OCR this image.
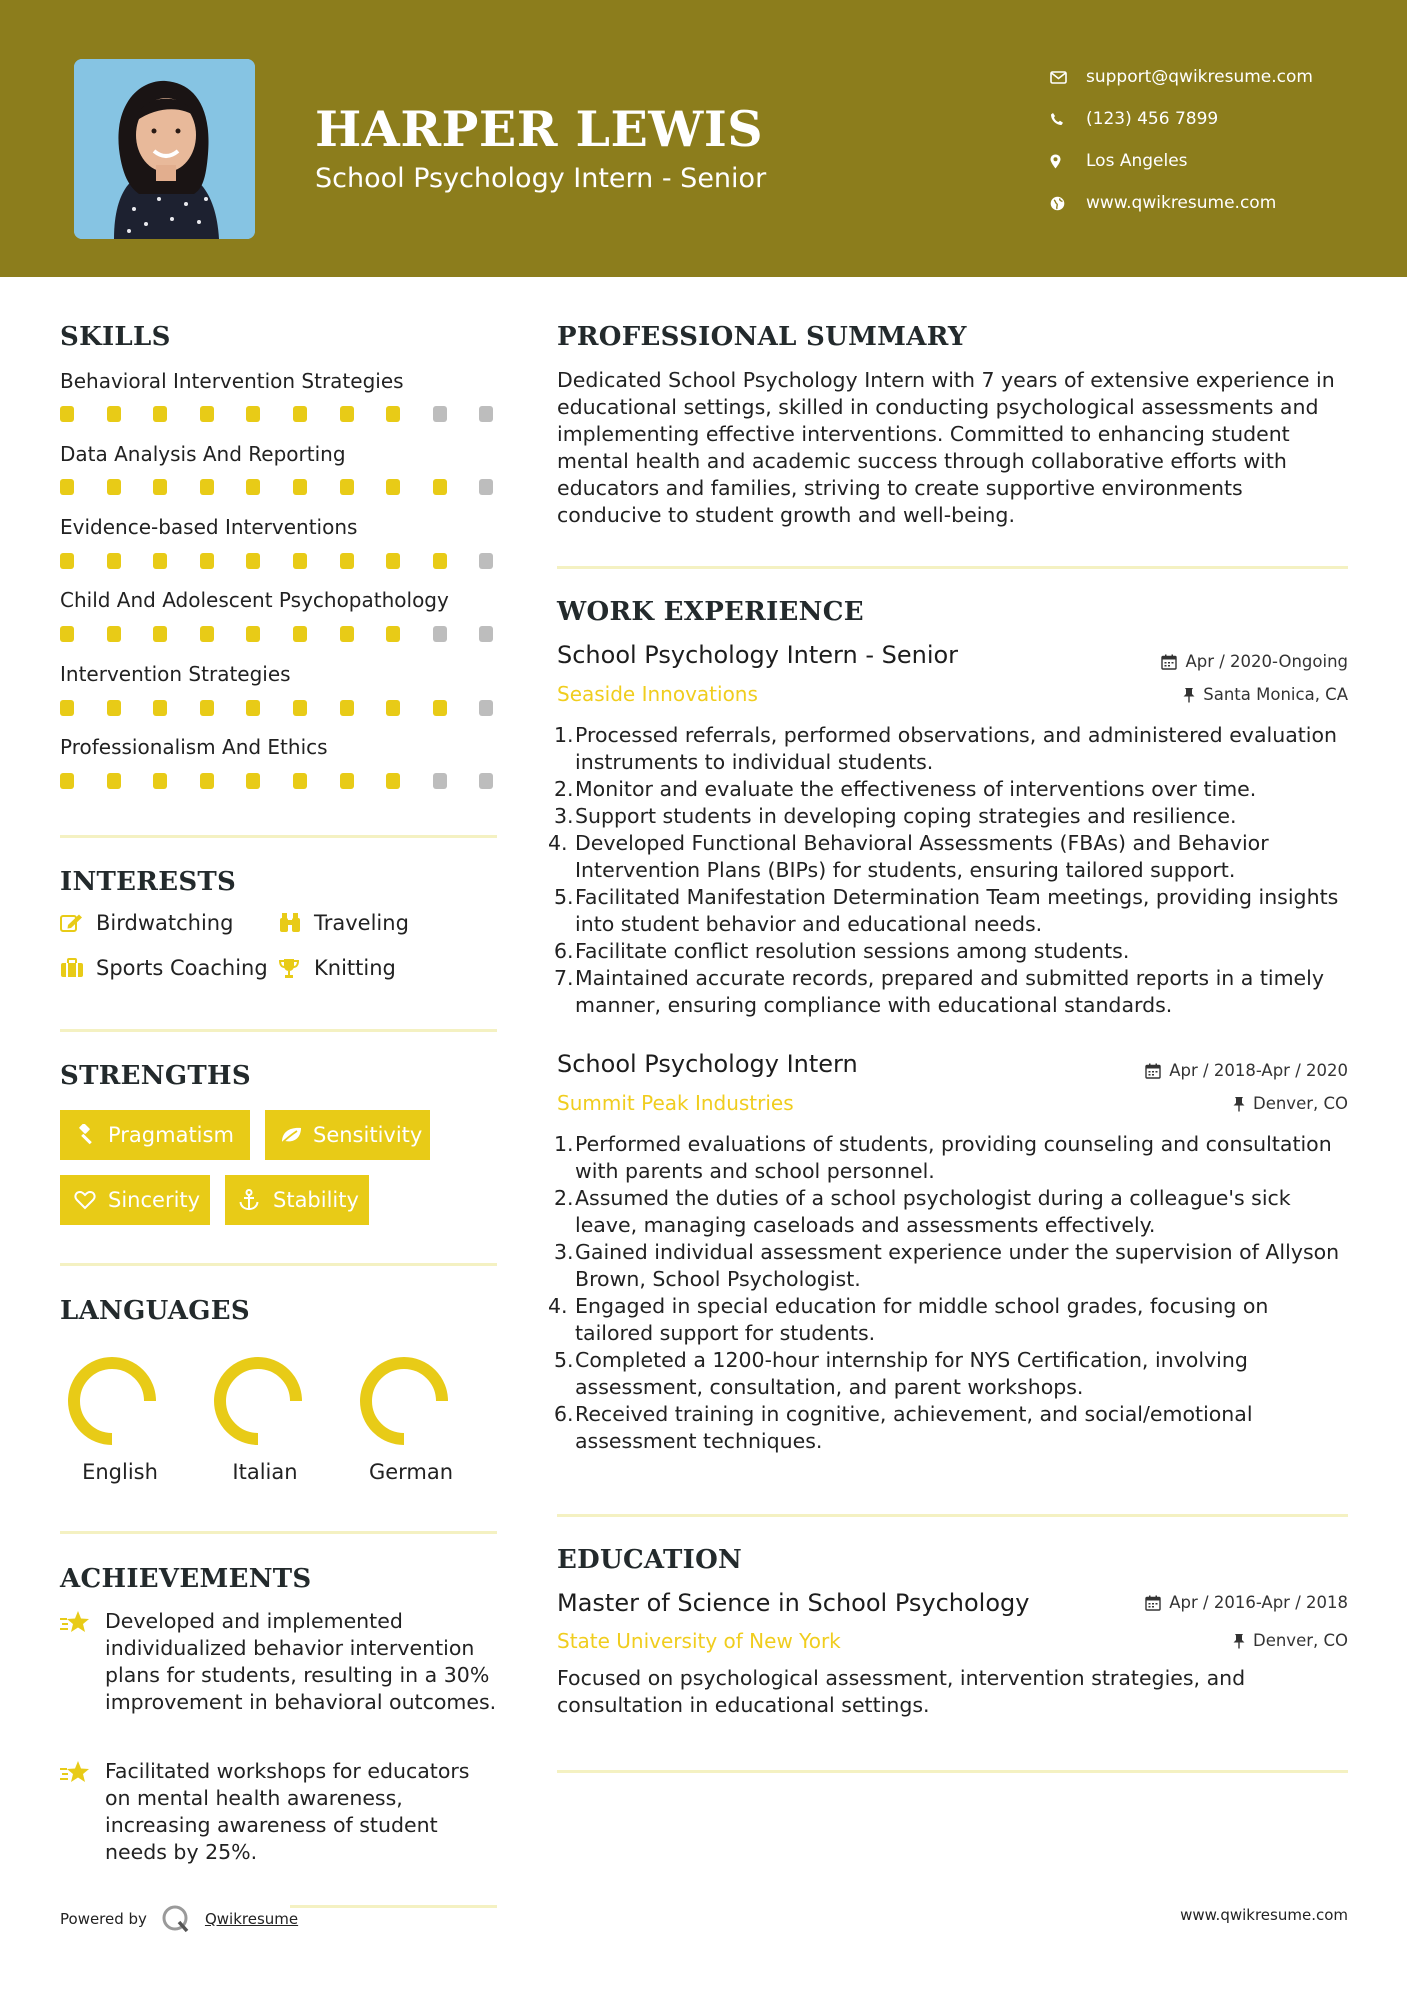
HARPER LEWIS
School Psychology Intern - Senior
support@qwikresume.com
(123) 456 7899
Los Angeles
www.qwikresume.com
SKILLS
Behavioral Intervention Strategies
Data Analysis And Reporting
Evidence-based Interventions
Child And Adolescent Psychopathology
Intervention Strategies
Professionalism And Ethics
INTERESTS
Birdwatching	Traveling
Sports Coaching Knitting
STRENGTHS
Pragmatism	Sensitivity
Sincerity	Stability
LANGUAGES
English	Italian	German
ACHIEVEMENTS
Developed and implemented individualized behavior intervention plans for students, resulting in a 30% improvement in behavioral outcomes.
Facilitated workshops for educators on mental health awareness, increasing awareness of student needs by 25%.
PROFESSIONAL SUMMARY
Dedicated School Psychology Intern with 7 years of extensive experience in educational settings, skilled in conducting psychological assessments and implementing effective interventions. Committed to enhancing student mental health and academic success through collaborative efforts with educators and families, striving to create supportive environments conducive to student growth and well-being.
WORK EXPERIENCE
School Psychology Intern - Senior	Apr / 2020-Ongoing
Seaside Innovations	Santa Monica, CA
1. Processed referrals, performed observations, and administered evaluation instruments to individual students.
2. Monitor and evaluate the effectiveness of interventions over time.
3. Support students in developing coping strategies and resilience.
4. Developed Functional Behavioral Assessments (FBAs) and Behavior Intervention Plans (BIPs) for students, ensuring tailored support.
5. Facilitated Manifestation Determination Team meetings, providing insights into student behavior and educational needs.
6. Facilitate conflict resolution sessions among students.
7. Maintained accurate records, prepared and submitted reports in a timely manner, ensuring compliance with educational standards.
School Psychology Intern	Apr / 2018-Apr / 2020
Summit Peak Industries	Denver, CO
1. Performed evaluations of students, providing counseling and consultation with parents and school personnel.
2. Assumed the duties of a school psychologist during a colleague's sick leave, managing caseloads and assessments effectively.
3. Gained individual assessment experience under the supervision of Allyson Brown, School Psychologist.
4. Engaged in special education for middle school grades, focusing on tailored support for students.
5. Completed a 1200-hour internship for NYS Certification, involving assessment, consultation, and parent workshops.
6. Received training in cognitive, achievement, and social/emotional assessment techniques.
EDUCATION
Master of Science in School Psychology	Apr / 2016-Apr / 2018
State University of New York	Denver, CO
Focused on psychological assessment, intervention strategies, and consultation in educational settings.
Powered by	Qwikresume	www.qwikresume.com
